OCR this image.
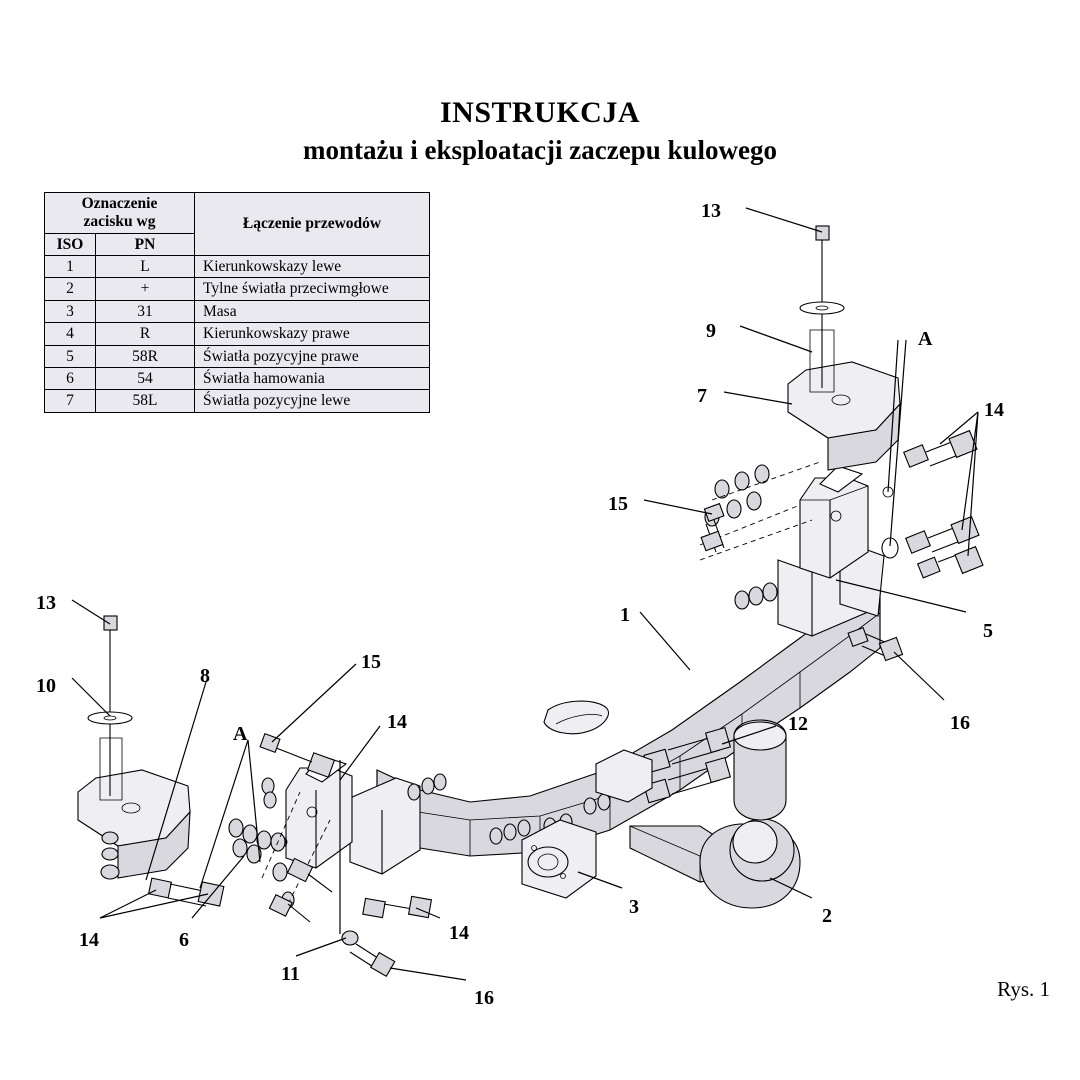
INSTRUKCJA
montażu i eksploatacji zaczepu kulowego
Oznaczenie
zacisku wg		Łączenie przewodów
ISO	PN	
1	L	Kierunkowskazy lewe
2	+	Tylne światła przeciwmgłowe
3	31	Masa
4	R	Kierunkowskazy prawe
5	58R	Światła pozycyjne prawe
6	54	Światła hamowania
7	58L	Światła pozycyjne lewe
13
9	A
7
14
15
1
5
16
13
10	8
15
A
14	12
3	2
14
14	6
11
16	Rys. 1
